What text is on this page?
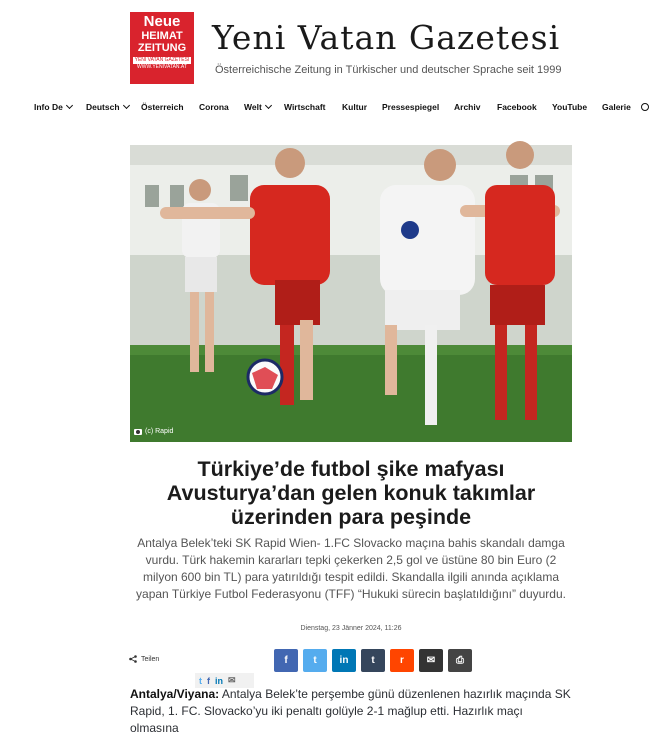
Neue
HEIMAT
ZEITUNG
YENI VATAN GAZETESI
WWW.YENIVATAN.AT
Yeni Vatan Gazetesi
Österreichische Zeitung in Türkischer und deutscher Sprache seit 1999
Info De	Deutsch	Österreich Corona Welt	Wirtschaft Kultur Pressespiegel Archiv Facebook YouTube Galerie
(c) Rapid
Türkiye’de futbol şike mafyası Avusturya’dan gelen konuk takımlar üzerinden para peşinde

Antalya Belek’teki SK Rapid Wien- 1.FC Slovacko maçına bahis skandalı damga vurdu. Türk hakemin kararları tepki çekerken 2,5 gol ve üstüne 80 bin Euro (2 milyon 600 bin TL) para yatırıldığı tespit edildi. Skandalla ilgili anında açıklama yapan Türkiye Futbol Federasyonu (TFF) “Hukuki sürecin başlatıldığını” duyurdu.

Dienstag, 23 Jänner 2024, 11:26
Teilen	f	t in t	r ✉ ⎙
t f in ✉

Antalya/Viyana: Antalya Belek’te perşembe günü düzenlenen hazırlık maçında SK Rapid, 1. FC. Slovacko’yu iki penaltı golüyle 2-1 mağlup etti. Hazırlık maçı olmasına
